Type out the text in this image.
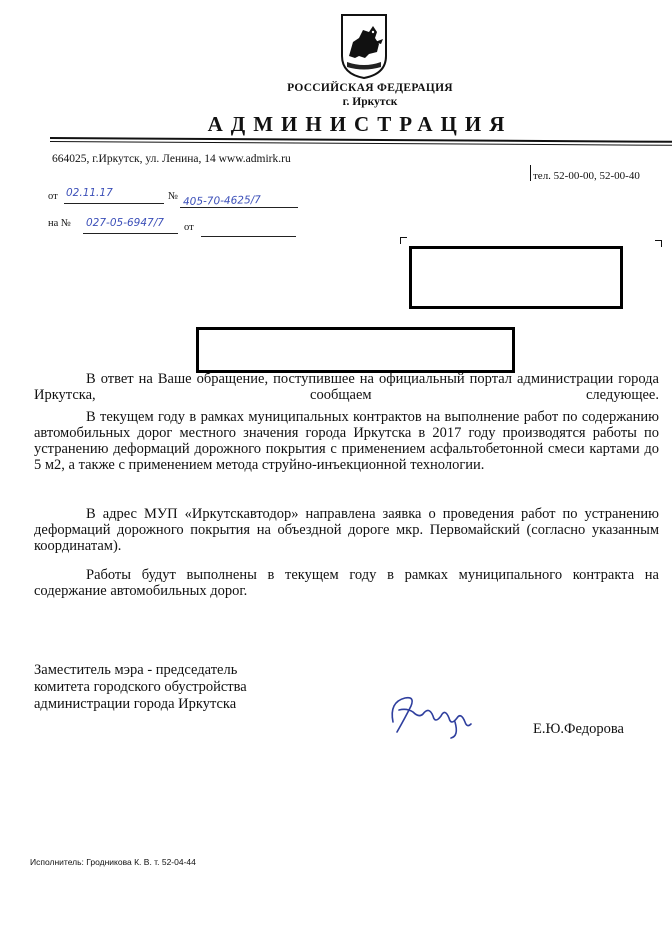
РОССИЙСКАЯ ФЕДЕРАЦИЯ
г. Иркутск
АДМИНИСТРАЦИЯ
664025, г.Иркутск, ул. Ленина, 14 www.admirk.ru
тел. 52-00-00, 52-00-40
от 02.11.17	№ 405-70-4625/7
на № 027-05-6947/7 от
В ответ на Ваше обращение, поступившее на официальный портал администрации города Иркутска, сообщаем следующее.
В текущем году в рамках муниципальных контрактов на выполнение работ по содержанию автомобильных дорог местного значения города Иркутска в 2017 году производятся работы по устранению деформаций дорожного покрытия с применением асфальтобетонной смеси картами до 5 м2, а также с применением метода струйно-инъекционной технологии.
В адрес МУП «Иркутскавтодор» направлена заявка о проведения работ по устранению деформаций дорожного покрытия на объездной дороге мкр. Первомайский (согласно указанным координатам).
Работы будут выполнены в текущем году в рамках муниципального контракта на содержание автомобильных дорог.
Заместитель мэра - председатель
комитета городского обустройства
администрации города Иркутска
Е.Ю.Федорова
Исполнитель: Гродникова К. В. т. 52-04-44
